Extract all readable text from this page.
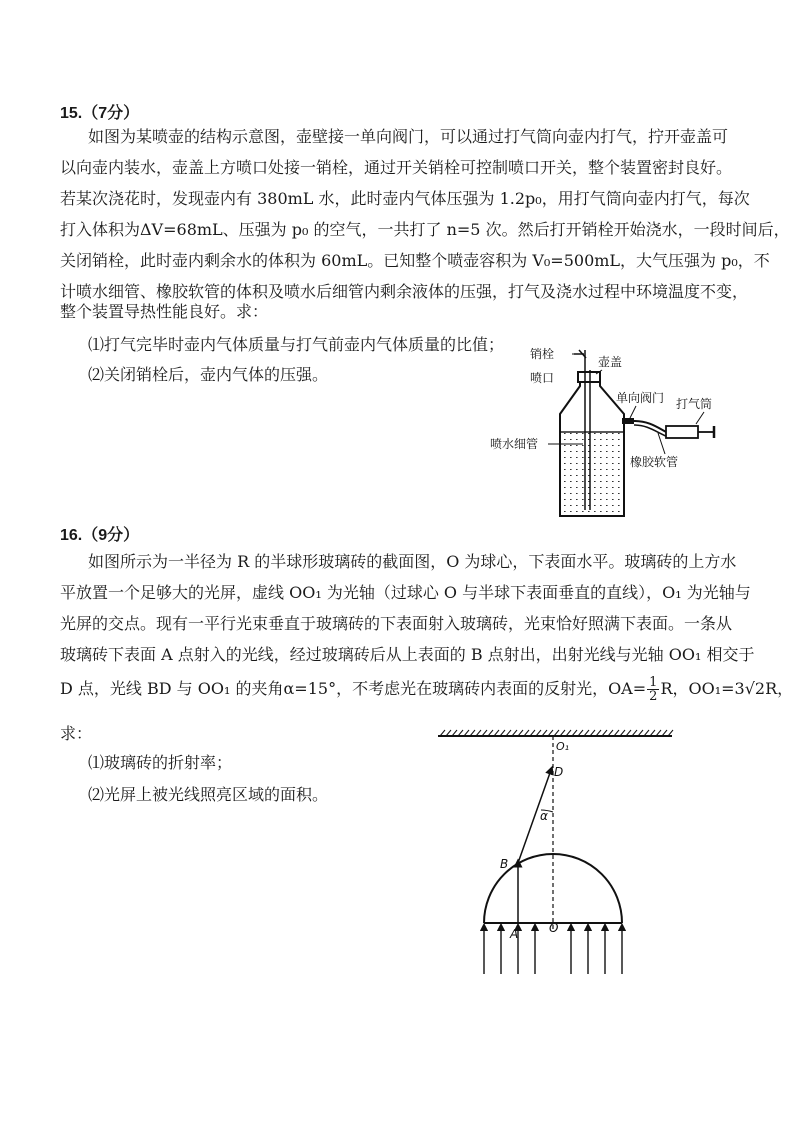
15.（7分）
如图为某喷壶的结构示意图，壶壁接一单向阀门，可以通过打气筒向壶内打气，拧开壶盖可
以向壶内装水，壶盖上方喷口处接一销栓，通过开关销栓可控制喷口开关，整个装置密封良好。
若某次浇花时，发现壶内有 380mL 水，此时壶内气体压强为 1.2p₀，用打气筒向壶内打气，每次
打入体积为ΔV=68mL、压强为 p₀ 的空气，一共打了 n=5 次。然后打开销栓开始浇水，一段时间后，
关闭销栓，此时壶内剩余水的体积为 60mL。已知整个喷壶容积为 V₀=500mL，大气压强为 p₀，不
计喷水细管、橡胶软管的体积及喷水后细管内剩余液体的压强，打气及浇水过程中环境温度不变，
整个装置导热性能良好。求：
⑴打气完毕时壶内气体质量与打气前壶内气体质量的比值；
⑵关闭销栓后，壶内气体的压强。
销栓
喷口
壶盖
单向阀门 打气筒
喷水细管
橡胶软管
16.（9分）
如图所示为一半径为 R 的半球形玻璃砖的截面图，O 为球心，下表面水平。玻璃砖的上方水
平放置一个足够大的光屏，虚线 OO₁ 为光轴（过球心 O 与半球下表面垂直的直线），O₁ 为光轴与
光屏的交点。现有一平行光束垂直于玻璃砖的下表面射入玻璃砖，光束恰好照满下表面。一条从
玻璃砖下表面 A 点射入的光线，经过玻璃砖后从上表面的 B 点射出，出射光线与光轴 OO₁ 相交于
D 点，光线 BD 与 OO₁ 的夹角α=15°，不考虑光在玻璃砖内表面的反射光，$OA= \frac{1}{2}$ R，OO₁=3√2R，
求：
⑴玻璃砖的折射率；
⑵光屏上被光线照亮区域的面积。
O₁
D
α
B
A	O
